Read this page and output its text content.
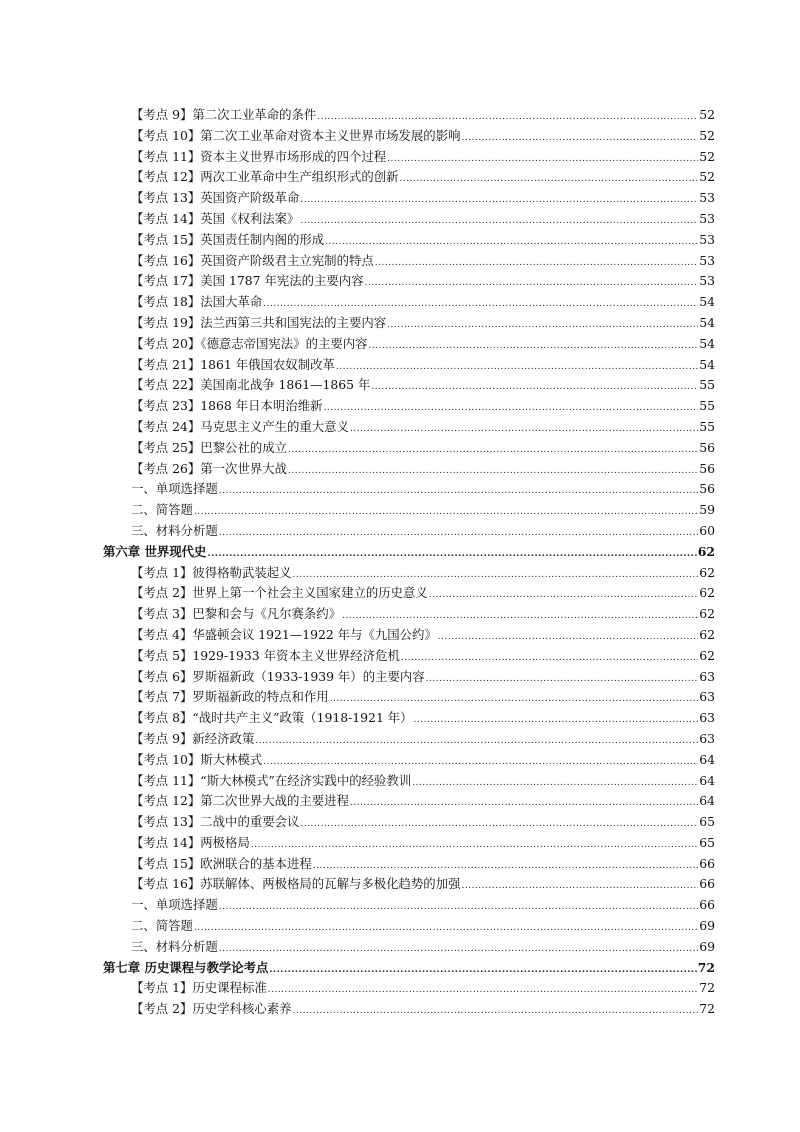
【考点 9】第二次工业革命的条件 .....	52
【考点 10】第二次工业革命对资本主义世界市场发展的影响 .....	52
【考点 11】资本主义世界市场形成的四个过程 .....	52
【考点 12】两次工业革命中生产组织形式的创新 .....	52
【考点 13】英国资产阶级革命 .....	53
【考点 14】英国《权利法案》 .....	53
【考点 15】英国责任制内阁的形成 .....	53
【考点 16】英国资产阶级君主立宪制的特点 .....	53
【考点 17】美国 1787 年宪法的主要内容 .....	53
【考点 18】法国大革命 .....	54
【考点 19】法兰西第三共和国宪法的主要内容 .....	54
【考点 20】《德意志帝国宪法》的主要内容 .....	54
【考点 21】1861 年俄国农奴制改革 .....	54
【考点 22】美国南北战争 1861—1865 年 .....	55
【考点 23】1868 年日本明治维新 .....	55
【考点 24】马克思主义产生的重大意义 .....	55
【考点 25】巴黎公社的成立 .....	56
【考点 26】第一次世界大战 .....	56
一、单项选择题 .....	56
二、简答题 .....	59
三、材料分析题 .....	60
第六章 世界现代史 .....	62
【考点 1】彼得格勒武装起义 .....	62
【考点 2】世界上第一个社会主义国家建立的历史意义 .....	62
【考点 3】巴黎和会与《凡尔赛条约》 .....	62
【考点 4】华盛顿会议 1921—1922 年与《九国公约》 .....	62
【考点 5】1929-1933 年资本主义世界经济危机 .....	62
【考点 6】罗斯福新政（1933-1939 年）的主要内容 .....	63
【考点 7】罗斯福新政的特点和作用 .....	63
【考点 8】“战时共产主义”政策（1918-1921 年） .....	63
【考点 9】新经济政策 .....	63
【考点 10】斯大林模式 .....	64
【考点 11】“斯大林模式”在经济实践中的经验教训 .....	64
【考点 12】第二次世界大战的主要进程 .....	64
【考点 13】二战中的重要会议 .....	65
【考点 14】两极格局 .....	65
【考点 15】欧洲联合的基本进程 .....	66
【考点 16】苏联解体、两极格局的瓦解与多极化趋势的加强 .....	66
一、单项选择题 .....	66
二、简答题 .....	69
三、材料分析题 .....	69
第七章 历史课程与教学论考点 .....	72
【考点 1】历史课程标准 .....	72
【考点 2】历史学科核心素养 .....	72
